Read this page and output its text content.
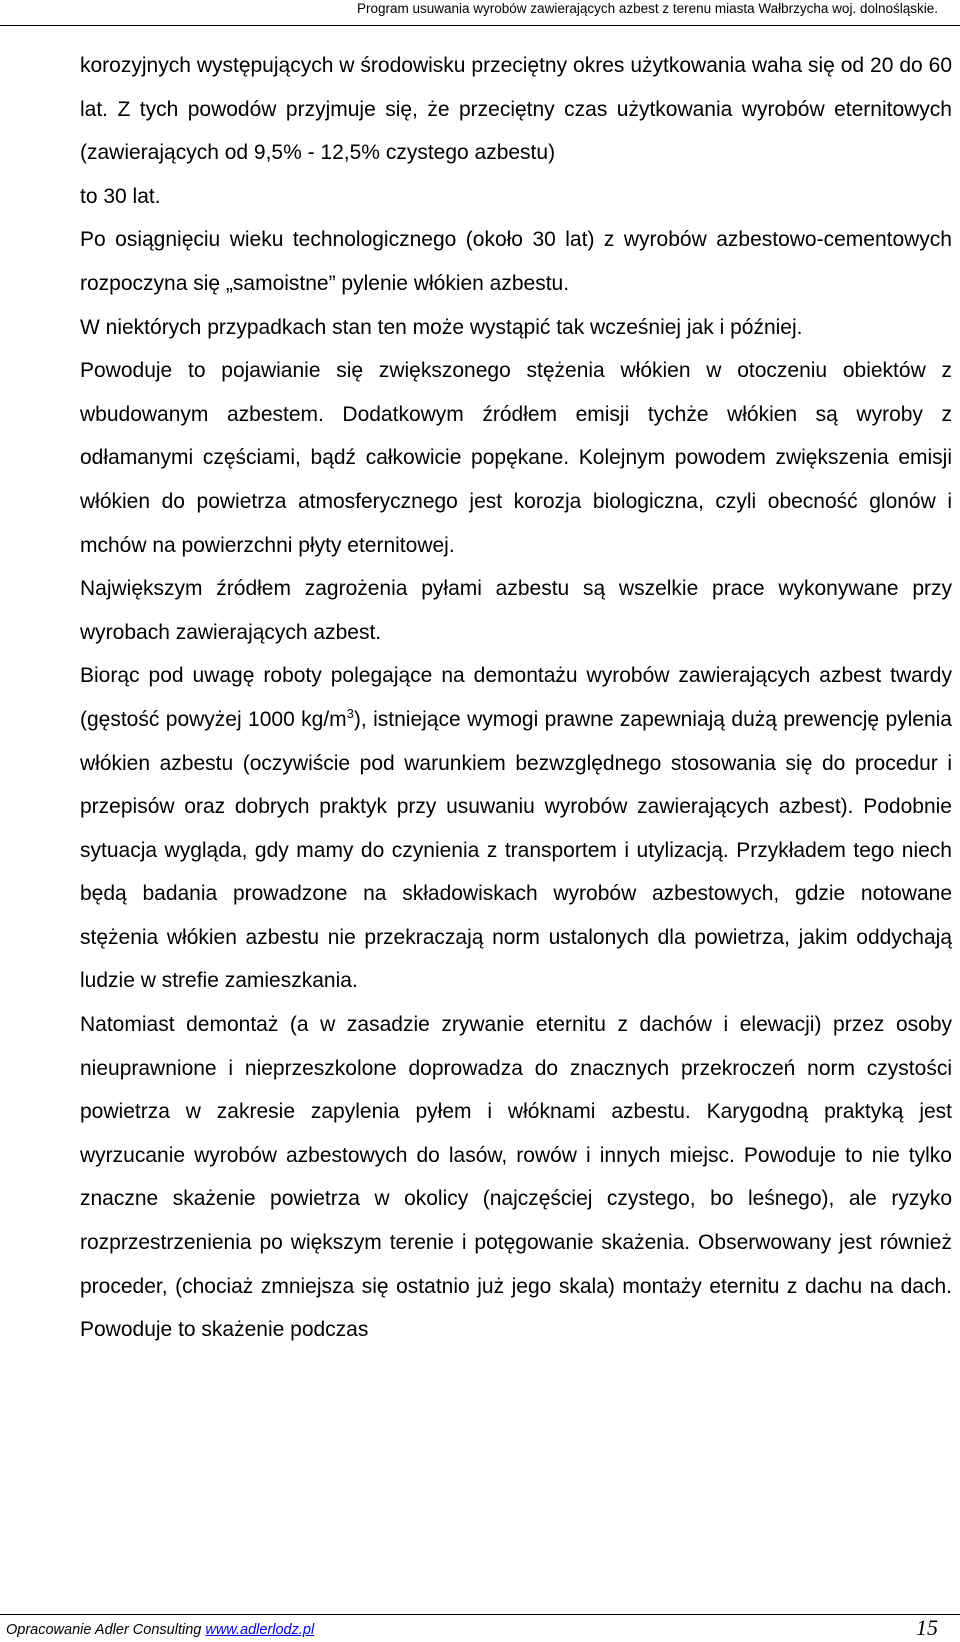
Program usuwania wyrobów zawierających azbest z terenu miasta Wałbrzycha woj. dolnośląskie.

korozyjnych występujących w środowisku przeciętny okres użytkowania waha się od 20 do 60 lat. Z tych powodów przyjmuje się, że przeciętny czas użytkowania wyrobów eternitowych (zawierających od 9,5% - 12,5% czystego azbestu)

to 30 lat.

Po osiągnięciu wieku technologicznego (około 30 lat) z wyrobów azbestowo-cementowych rozpoczyna się „samoistne” pylenie włókien azbestu.

W niektórych przypadkach stan ten może wystąpić tak wcześniej jak i później.

Powoduje to pojawianie się zwiększonego stężenia włókien w otoczeniu obiektów z wbudowanym azbestem. Dodatkowym źródłem emisji tychże włókien są wyroby z odłamanymi częściami, bądź całkowicie popękane. Kolejnym powodem zwiększenia emisji włókien do powietrza atmosferycznego jest korozja biologiczna, czyli obecność glonów i mchów na powierzchni płyty eternitowej.

Największym źródłem zagrożenia pyłami azbestu są wszelkie prace wykonywane przy wyrobach zawierających azbest.

Biorąc pod uwagę roboty polegające na demontażu wyrobów zawierających azbest twardy (gęstość powyżej 1000 $kg/m^3$), istniejące wymogi prawne zapewniają dużą prewencję pylenia włókien azbestu (oczywiście pod warunkiem bezwzględnego stosowania się do procedur i przepisów oraz dobrych praktyk przy usuwaniu wyrobów zawierających azbest). Podobnie sytuacja wygląda, gdy mamy do czynienia z transportem i utylizacją. Przykładem tego niech będą badania prowadzone na składowiskach wyrobów azbestowych, gdzie notowane stężenia włókien azbestu nie przekraczają norm ustalonych dla powietrza, jakim oddychają ludzie w strefie zamieszkania.

Natomiast demontaż (a w zasadzie zrywanie eternitu z dachów i elewacji) przez osoby nieuprawnione i nieprzeszkolone doprowadza do znacznych przekroczeń norm czystości powietrza w zakresie zapylenia pyłem i włóknami azbestu. Karygodną praktyką jest wyrzucanie wyrobów azbestowych do lasów, rowów i innych miejsc. Powoduje to nie tylko znaczne skażenie powietrza w okolicy (najczęściej czystego, bo leśnego), ale ryzyko rozprzestrzenienia po większym terenie i potęgowanie skażenia. Obserwowany jest również proceder, (chociaż zmniejsza się ostatnio już jego skala) montaży eternitu z dachu na dach. Powoduje to skażenie podczas

Opracowanie Adler Consulting www.adlerlodz.pl	15
